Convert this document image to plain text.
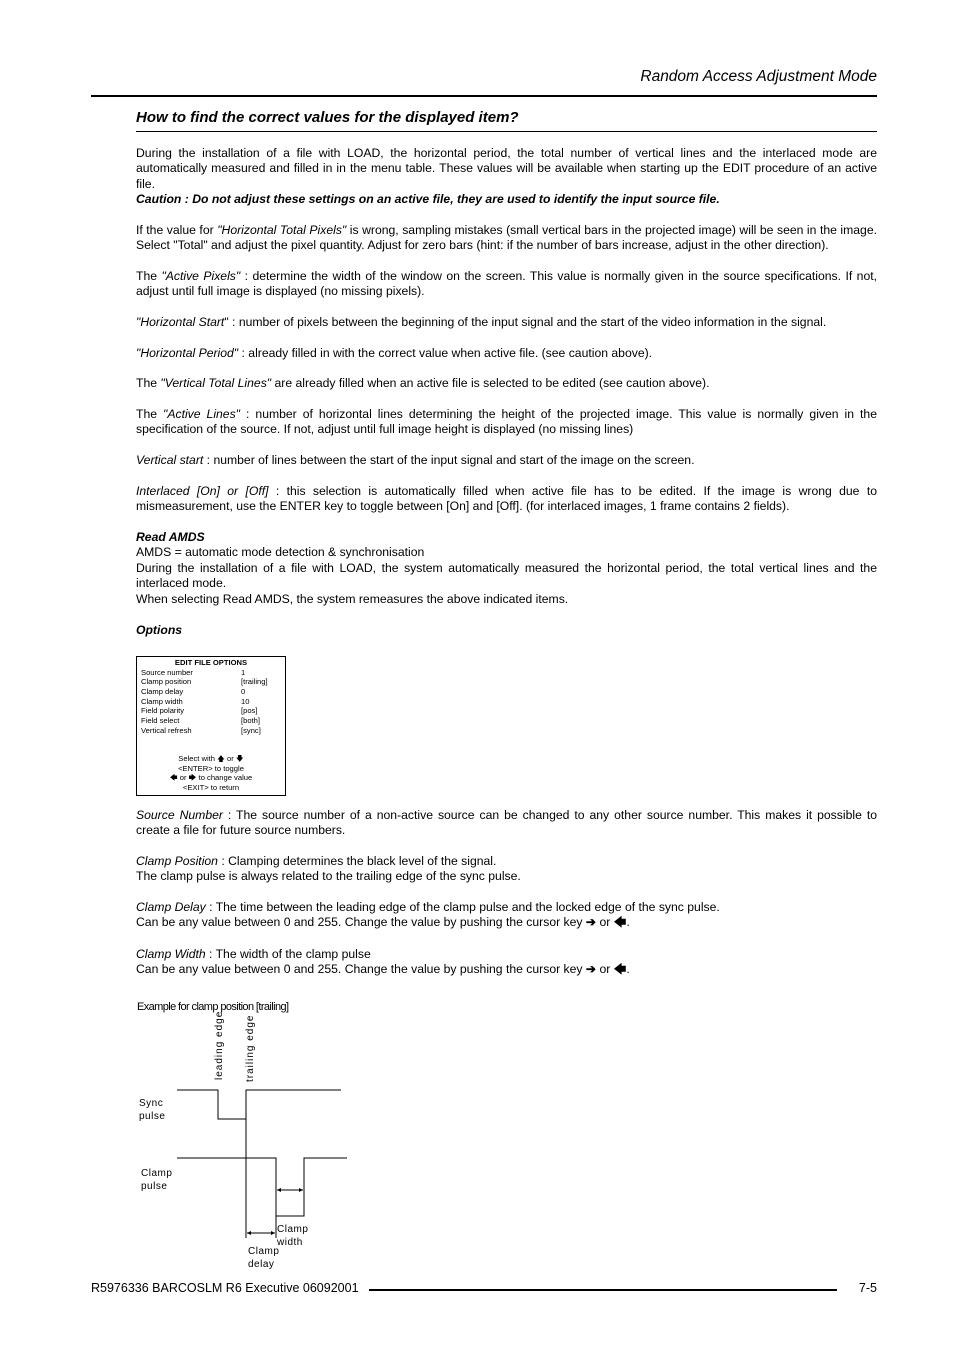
Random Access Adjustment Mode
How to find the correct values for the displayed item?
During the installation of a file with LOAD, the horizontal period, the total number of vertical lines and the interlaced mode are automatically measured and filled in in the menu table. These values will be available when starting up the EDIT procedure of an active file.
Caution : Do not adjust these settings on an active file, they are used to identify the input source file.
If the value for "Horizontal Total Pixels" is wrong, sampling mistakes (small vertical bars in the projected image) will be seen in the image. Select "Total" and adjust the pixel quantity. Adjust for zero bars (hint: if the number of bars increase, adjust in the other direction).
The "Active Pixels" : determine the width of the window on the screen. This value is normally given in the source specifications. If not, adjust until full image is displayed (no missing pixels).
"Horizontal Start" : number of pixels between the beginning of the input signal and the start of the video information in the signal.
"Horizontal Period" : already filled in with the correct value when active file. (see caution above).
The "Vertical Total Lines" are already filled when an active file is selected to be edited (see caution above).
The "Active Lines" : number of horizontal lines determining the height of the projected image. This value is normally given in the specification of the source. If not, adjust until full image height is displayed (no missing lines)
Vertical start : number of lines between the start of the input signal and start of the image on the screen.
Interlaced [On] or [Off] : this selection is automatically filled when active file has to be edited. If the image is wrong due to mismeasurement, use the ENTER key to toggle between [On] and [Off]. (for interlaced images, 1 frame contains 2 fields).
Read AMDS
AMDS = automatic mode detection & synchronisation
During the installation of a file with LOAD, the system automatically measured the horizontal period, the total vertical lines and the interlaced mode.
When selecting Read AMDS, the system remeasures the above indicated items.
Options
EDIT FILE OPTIONS
Source number	1
Clamp position	[trailing]
Clamp delay	0
Clamp width	10
Field polarity	[pos]
Field select	[both]
Vertical refresh	[sync]
Select with 🡅 or 🡇
<ENTER> to toggle
🡄 or 🡆 to change value
<EXIT> to return
Source Number : The source number of a non-active source can be changed to any other source number. This makes it possible to create a file for future source numbers.
Clamp Position : Clamping determines the black level of the signal.
The clamp pulse is always related to the trailing edge of the sync pulse.
Clamp Delay : The time between the leading edge of the clamp pulse and the locked edge of the sync pulse.
Can be any value between 0 and 255. Change the value by pushing the cursor key ➔ or 🡄.
Clamp Width : The width of the clamp pulse
Can be any value between 0 and 255. Change the value by pushing the cursor key ➔ or 🡄.
Example for clamp position [trailing]
leading edge trailing edge
Sync
pulse
Clamp
pulse
Clamp
width
Clamp
delay
R5976336 BARCOSLM R6 Executive 06092001	7-5
